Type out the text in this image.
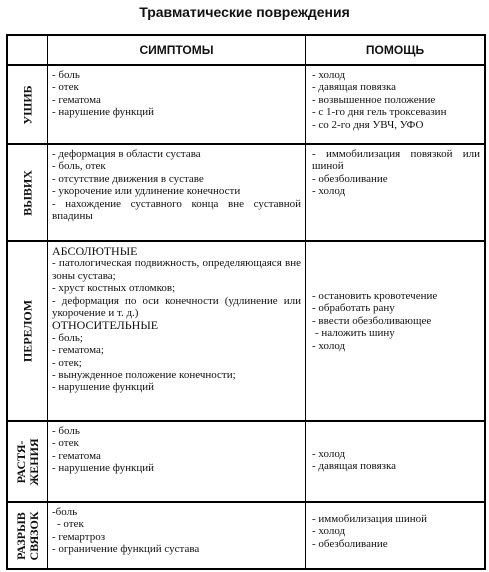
Травматические повреждения
СИМПТОМЫ	ПОМОЩЬ
УШИБ
- боль
- отек
- гематома
- нарушение функций
- холод
- давящая повязка
- возвышенное положение
- с 1-го дня гель троксевазин
- со 2-го дня УВЧ, УФО
ВЫВИХ
- деформация в области сустава
- боль, отек
- отсутствие движения в суставе
- укорочение или удлинение конечности
- нахождение суставного конца вне суставной впадины
- иммобилизация повязкой или шиной
- обезболивание
- холод
ПЕРЕЛОМ
АБСОЛЮТНЫЕ
- патологическая подвижность, определяющаяся вне зоны сустава;
- хруст костных отломков;
- деформация по оси конечности (удлинение или укорочение и т. д.)
ОТНОСИТЕЛЬНЫЕ
- боль;
- гематома;
- отек;
- вынужденное положение конечности;
- нарушение функций
- остановить кровотечение
- обработать рану
- ввести обезболивающее
- наложить шину
- холод
РАСТЯ- ЖЕНИЯ
- боль
- отек
- гематома
- нарушение функций
- холод
- давящая повязка
РАЗРЫВ СВЯЗОК -боль
- отек
- гемартроз
- ограничение функций сустава
- иммобилизация шиной
- холод
- обезболивание
